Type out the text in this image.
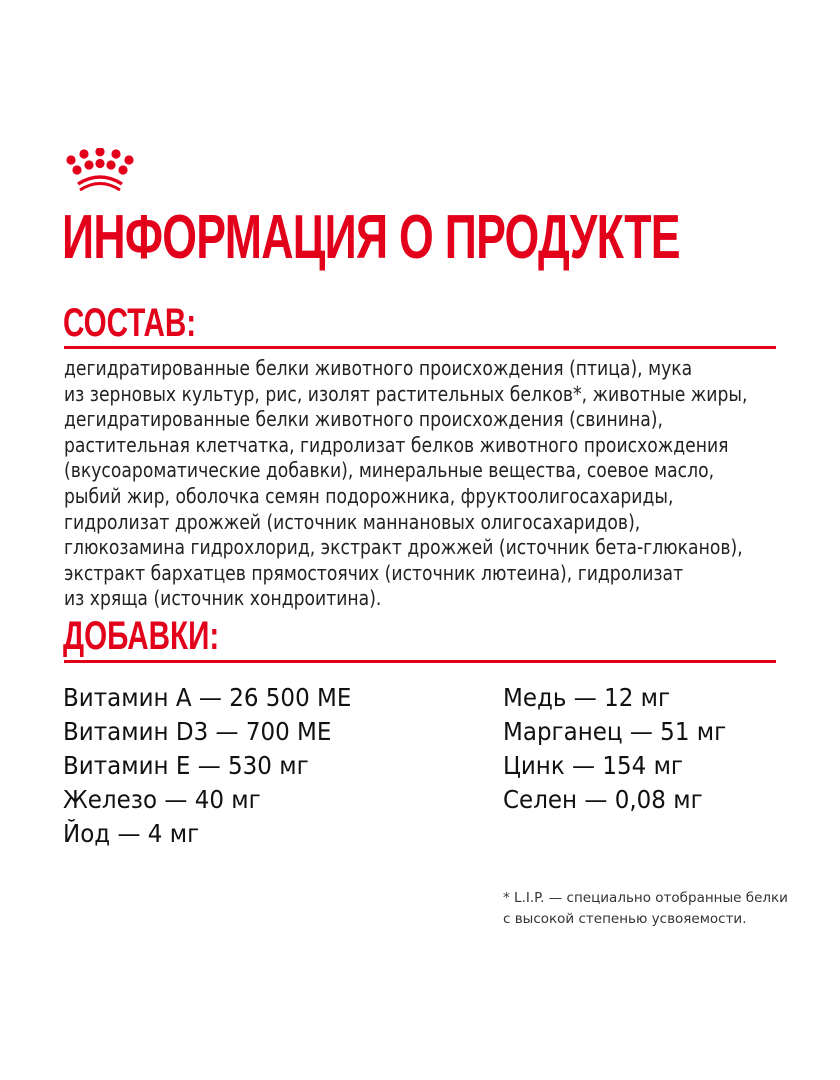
ИНФОРМАЦИЯ О ПРОДУКТЕ
СОСТАВ:

дегидратированные белки животного происхождения (птица), мука
из зерновых культур, рис, изолят растительных белков*, животные жиры,
дегидратированные белки животного происхождения (свинина),
растительная клетчатка, гидролизат белков животного происхождения
(вкусоароматические добавки), минеральные вещества, соевое масло,
рыбий жир, оболочка семян подорожника, фруктоолигосахариды,
гидролизат дрожжей (источник маннановых олигосахаридов),
глюкозамина гидрохлорид, экстракт дрожжей (источник бета-глюканов),
экстракт бархатцев прямостоячих (источник лютеина), гидролизат
из хряща (источник хондроитина).

ДОБАВКИ:
Витамин A — 26 500 МЕ
Витамин D3 — 700 МЕ
Витамин E — 530 мг
Железо — 40 мг
Йод — 4 мг
Медь — 12 мг
Марганец — 51 мг
Цинк — 154 мг
Селен — 0,08 мг

* L.I.P. — специально отобранные белки
с высокой степенью усвояемости.
